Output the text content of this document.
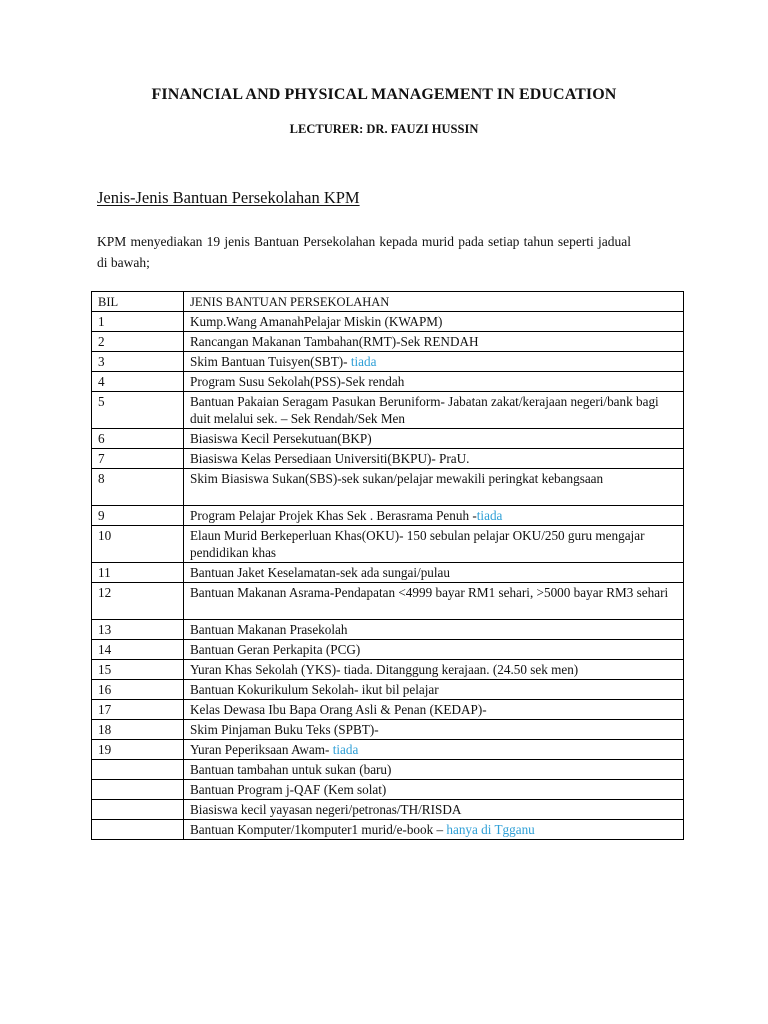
FINANCIAL AND PHYSICAL MANAGEMENT IN EDUCATION
LECTURER: DR. FAUZI HUSSIN
Jenis-Jenis Bantuan Persekolahan KPM
KPM menyediakan 19 jenis Bantuan Persekolahan kepada murid pada setiap tahun seperti jadual di bawah;
BIL	JENIS BANTUAN PERSEKOLAHAN
1	Kump.Wang AmanahPelajar Miskin (KWAPM)
2	Rancangan Makanan Tambahan(RMT)-Sek RENDAH
3	Skim Bantuan Tuisyen(SBT)- tiada
4	Program Susu Sekolah(PSS)-Sek rendah
5	Bantuan Pakaian Seragam Pasukan Beruniform- Jabatan zakat/kerajaan negeri/bank bagi duit melalui sek. – Sek Rendah/Sek Men
6	Biasiswa Kecil Persekutuan(BKP)
7	Biasiswa Kelas Persediaan Universiti(BKPU)- PraU.
8	Skim Biasiswa Sukan(SBS)-sek sukan/pelajar mewakili peringkat kebangsaan
9	Program Pelajar Projek Khas Sek . Berasrama Penuh -tiada
10	Elaun Murid Berkeperluan Khas(OKU)- 150 sebulan pelajar OKU/250 guru mengajar pendidikan khas
11	Bantuan Jaket Keselamatan-sek ada sungai/pulau
12	Bantuan Makanan Asrama-Pendapatan <4999 bayar RM1 sehari, >5000 bayar RM3 sehari
13	Bantuan Makanan Prasekolah
14	Bantuan Geran Perkapita (PCG)
15	Yuran Khas Sekolah (YKS)- tiada. Ditanggung kerajaan. (24.50 sek men)
16	Bantuan Kokurikulum Sekolah- ikut bil pelajar
17	Kelas Dewasa Ibu Bapa Orang Asli & Penan (KEDAP)-
18	Skim Pinjaman Buku Teks (SPBT)-
19	Yuran Peperiksaan Awam- tiada
	Bantuan tambahan untuk sukan (baru)
	Bantuan Program j-QAF (Kem solat)
	Biasiswa kecil yayasan negeri/petronas/TH/RISDA
	Bantuan Komputer/1komputer1 murid/e-book – hanya di Tgganu
